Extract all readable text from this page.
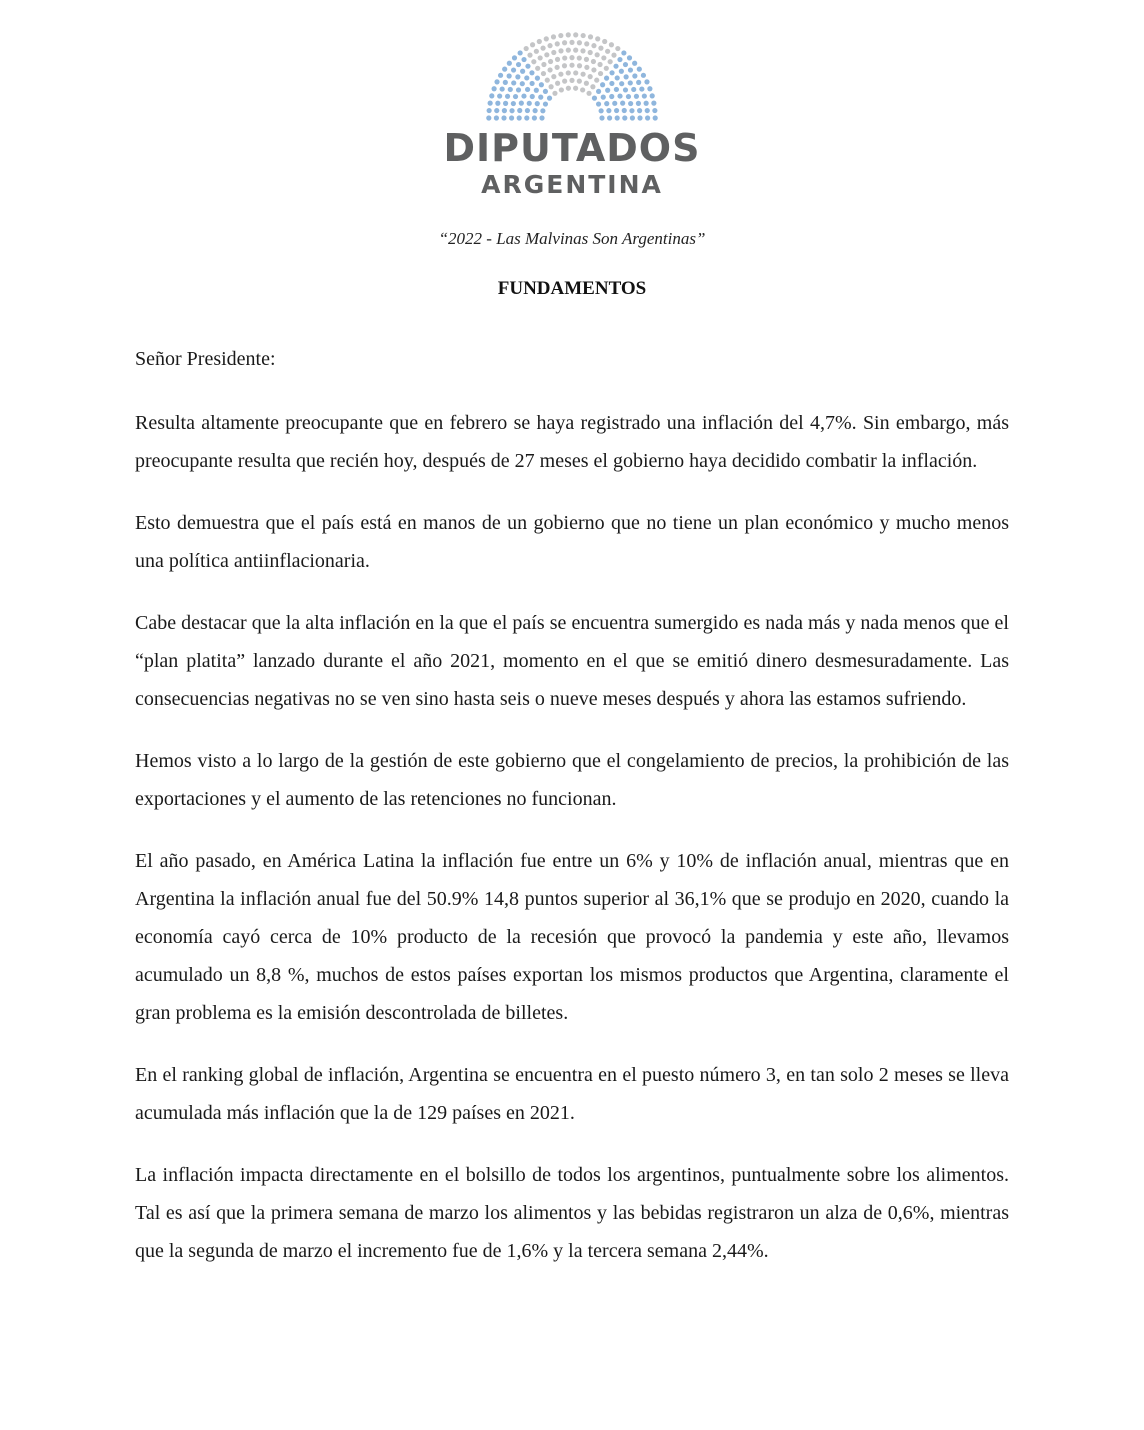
DIPUTADOS
ARGENTINA
“2022 - Las Malvinas Son Argentinas”
FUNDAMENTOS

Señor Presidente:

Resulta altamente preocupante que en febrero se haya registrado una inflación del 4,7%. Sin embargo, más preocupante resulta que recién hoy, después de 27 meses el gobierno haya decidido combatir la inflación.

Esto demuestra que el país está en manos de un gobierno que no tiene un plan económico y mucho menos una política antiinflacionaria.

Cabe destacar que la alta inflación en la que el país se encuentra sumergido es nada más y nada menos que el “plan platita” lanzado durante el año 2021, momento en el que se emitió dinero desmesuradamente. Las consecuencias negativas no se ven sino hasta seis o nueve meses después y ahora las estamos sufriendo.

Hemos visto a lo largo de la gestión de este gobierno que el congelamiento de precios, la prohibición de las exportaciones y el aumento de las retenciones no funcionan.

El año pasado, en América Latina la inflación fue entre un 6% y 10% de inflación anual, mientras que en Argentina la inflación anual fue del 50.9% 14,8 puntos superior al 36,1% que se produjo en 2020, cuando la economía cayó cerca de 10% producto de la recesión que provocó la pandemia y este año, llevamos acumulado un 8,8 %, muchos de estos países exportan los mismos productos que Argentina, claramente el gran problema es la emisión descontrolada de billetes.

En el ranking global de inflación, Argentina se encuentra en el puesto número 3, en tan solo 2 meses se lleva acumulada más inflación que la de 129 países en 2021.

La inflación impacta directamente en el bolsillo de todos los argentinos, puntualmente sobre los alimentos. Tal es así que la primera semana de marzo los alimentos y las bebidas registraron un alza de 0,6%, mientras que la segunda de marzo el incremento fue de 1,6% y la tercera semana 2,44%.
